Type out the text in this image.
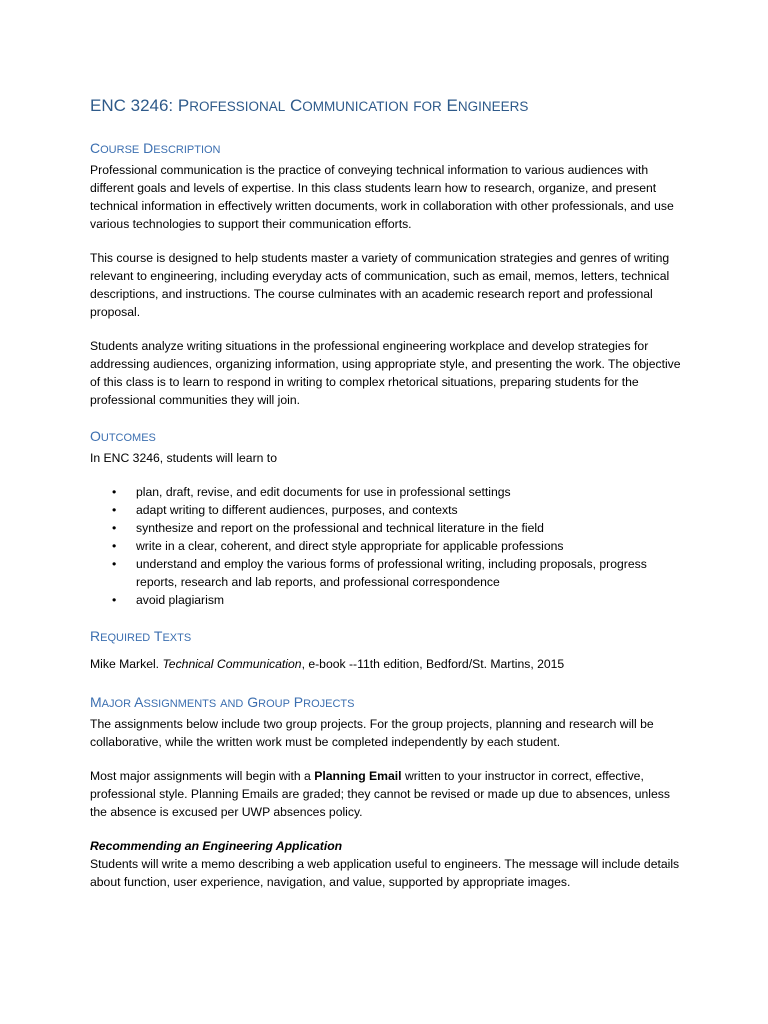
ENC 3246: PROFESSIONAL COMMUNICATION FOR ENGINEERS
COURSE DESCRIPTION

Professional communication is the practice of conveying technical information to various audiences with different goals and levels of expertise. In this class students learn how to research, organize, and present technical information in effectively written documents, work in collaboration with other professionals, and use various technologies to support their communication efforts.

This course is designed to help students master a variety of communication strategies and genres of writing relevant to engineering, including everyday acts of communication, such as email, memos, letters, technical descriptions, and instructions. The course culminates with an academic research report and professional proposal.

Students analyze writing situations in the professional engineering workplace and develop strategies for addressing audiences, organizing information, using appropriate style, and presenting the work. The objective of this class is to learn to respond in writing to complex rhetorical situations, preparing students for the professional communities they will join.

OUTCOMES

In ENC 3246, students will learn to

• plan, draft, revise, and edit documents for use in professional settings
• adapt writing to different audiences, purposes, and contexts
• synthesize and report on the professional and technical literature in the field
• write in a clear, coherent, and direct style appropriate for applicable professions
• understand and employ the various forms of professional writing, including proposals, progress reports, research and lab reports, and professional correspondence
• avoid plagiarism
REQUIRED TEXTS

Mike Markel. Technical Communication, e-book --11th edition, Bedford/St. Martins, 2015

MAJOR ASSIGNMENTS AND GROUP PROJECTS

The assignments below include two group projects. For the group projects, planning and research will be collaborative, while the written work must be completed independently by each student.

Most major assignments will begin with a Planning Email written to your instructor in correct, effective, professional style. Planning Emails are graded; they cannot be revised or made up due to absences, unless the absence is excused per UWP absences policy.

Recommending an Engineering Application

Students will write a memo describing a web application useful to engineers. The message will include details about function, user experience, navigation, and value, supported by appropriate images.
